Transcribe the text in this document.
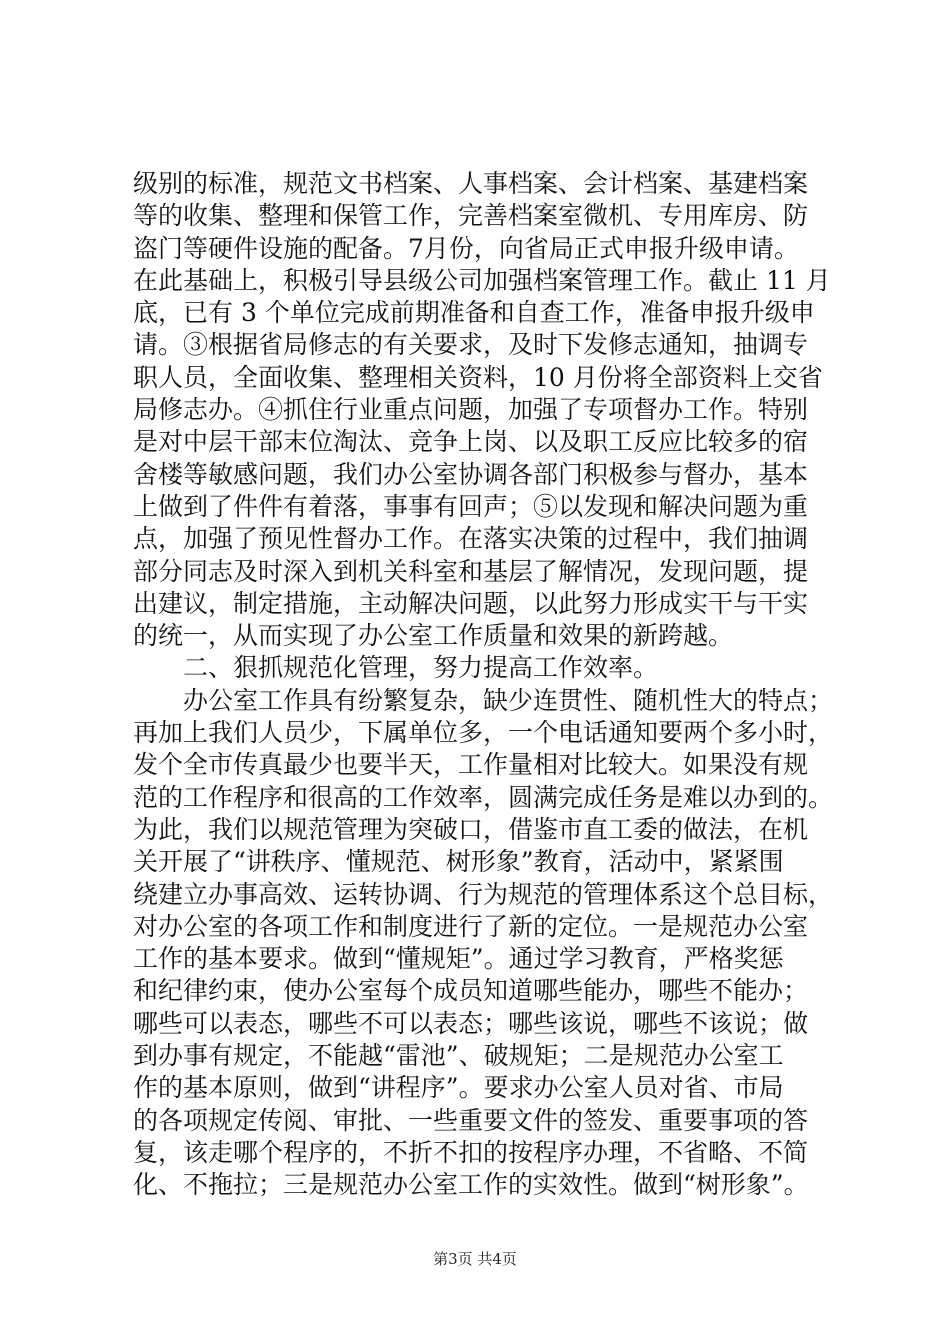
级别的标准，规范文书档案、人事档案、会计档案、基建档案
等的收集、整理和保管工作，完善档案室微机、专用库房、防
盗门等硬件设施的配备。7月份，向省局正式申报升级申请。
在此基础上，积极引导县级公司加强档案管理工作。截止 11 月
底，已有 3 个单位完成前期准备和自查工作，准备申报升级申
请。③根据省局修志的有关要求，及时下发修志通知，抽调专
职人员，全面收集、整理相关资料，10 月份将全部资料上交省
局修志办。④抓住行业重点问题，加强了专项督办工作。特别
是对中层干部末位淘汰、竞争上岗、以及职工反应比较多的宿
舍楼等敏感问题，我们办公室协调各部门积极参与督办，基本
上做到了件件有着落，事事有回声；⑤以发现和解决问题为重
点，加强了预见性督办工作。在落实决策的过程中，我们抽调
部分同志及时深入到机关科室和基层了解情况，发现问题，提
出建议，制定措施，主动解决问题，以此努力形成实干与干实
的统一，从而实现了办公室工作质量和效果的新跨越。
二、狠抓规范化管理，努力提高工作效率。
办公室工作具有纷繁复杂，缺少连贯性、随机性大的特点；
再加上我们人员少，下属单位多，一个电话通知要两个多小时，
发个全市传真最少也要半天，工作量相对比较大。如果没有规
范的工作程序和很高的工作效率，圆满完成任务是难以办到的。
为此，我们以规范管理为突破口，借鉴市直工委的做法，在机
关开展了“讲秩序、懂规范、树形象”教育，活动中，紧紧围
绕建立办事高效、运转协调、行为规范的管理体系这个总目标，
对办公室的各项工作和制度进行了新的定位。一是规范办公室
工作的基本要求。做到“懂规矩”。通过学习教育，严格奖惩
和纪律约束，使办公室每个成员知道哪些能办，哪些不能办；
哪些可以表态，哪些不可以表态；哪些该说，哪些不该说；做
到办事有规定，不能越“雷池”、破规矩；二是规范办公室工
作的基本原则，做到“讲程序”。要求办公室人员对省、市局
的各项规定传阅、审批、一些重要文件的签发、重要事项的答
复，该走哪个程序的，不折不扣的按程序办理，不省略、不简
化、不拖拉；三是规范办公室工作的实效性。做到“树形象”。
第3页 共4页
